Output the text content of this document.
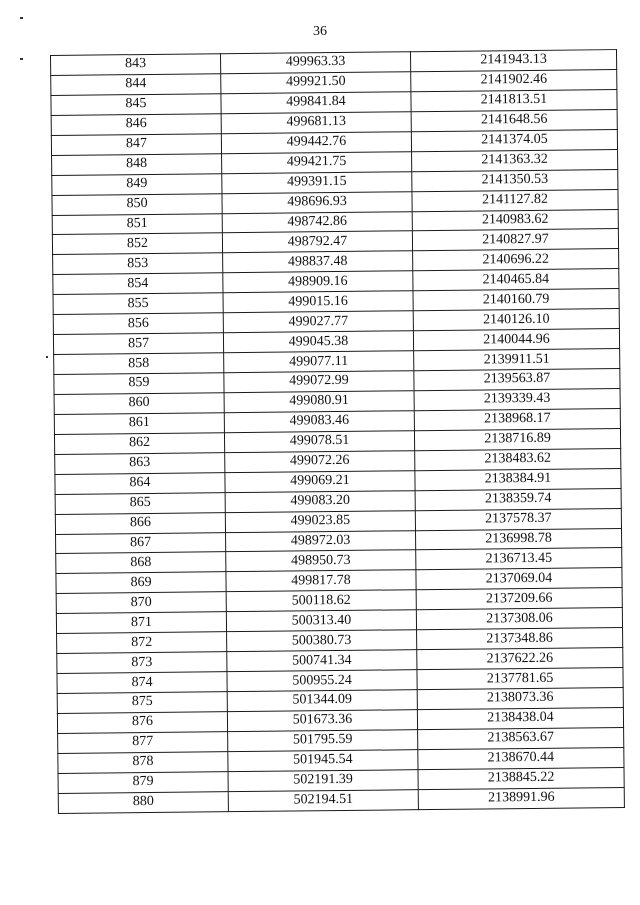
36
843	499963.33	2141943.13
844	499921.50	2141902.46
845	499841.84	2141813.51
846	499681.13	2141648.56
847	499442.76	2141374.05
848	499421.75	2141363.32
849	499391.15	2141350.53
850	498696.93	2141127.82
851	498742.86	2140983.62
852	498792.47	2140827.97
853	498837.48	2140696.22
854	498909.16	2140465.84
855	499015.16	2140160.79
856	499027.77	2140126.10
857	499045.38	2140044.96
858	499077.11	2139911.51
859	499072.99	2139563.87
860	499080.91	2139339.43
861	499083.46	2138968.17
862	499078.51	2138716.89
863	499072.26	2138483.62
864	499069.21	2138384.91
865	499083.20	2138359.74
866	499023.85	2137578.37
867	498972.03	2136998.78
868	498950.73	2136713.45
869	499817.78	2137069.04
870	500118.62	2137209.66
871	500313.40	2137308.06
872	500380.73	2137348.86
873	500741.34	2137622.26
874	500955.24	2137781.65
875	501344.09	2138073.36
876	501673.36	2138438.04
877	501795.59	2138563.67
878	501945.54	2138670.44
879	502191.39	2138845.22
880	502194.51	2138991.96
